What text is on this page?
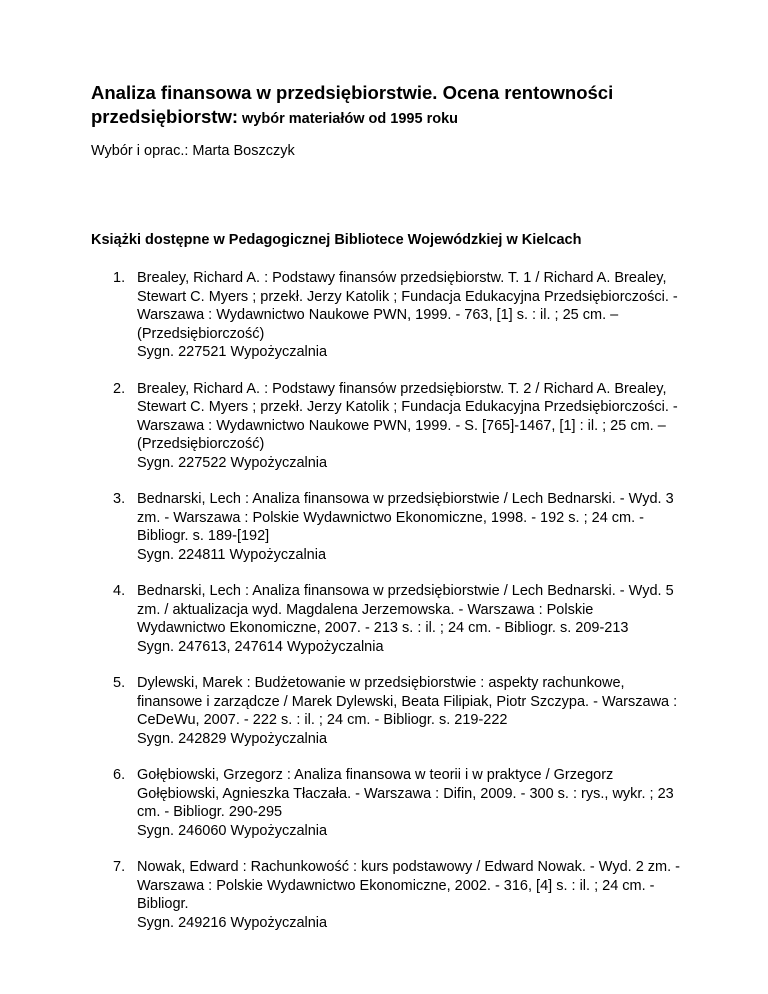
Analiza finansowa w przedsiębiorstwie. Ocena rentowności przedsiębiorstw: wybór materiałów od 1995 roku

Wybór i oprac.: Marta Boszczyk

Książki dostępne w Pedagogicznej Bibliotece Wojewódzkiej w Kielcach
1. Brealey, Richard A. : Podstawy finansów przedsiębiorstw. T. 1 / Richard A. Brealey, Stewart C. Myers ; przekł. Jerzy Katolik ; Fundacja Edukacyjna Przedsiębiorczości. - Warszawa : Wydawnictwo Naukowe PWN, 1999. - 763, [1] s. : il. ; 25 cm. – (Przedsiębiorczość)
Sygn. 227521 Wypożyczalnia
2. Brealey, Richard A. : Podstawy finansów przedsiębiorstw. T. 2 / Richard A. Brealey, Stewart C. Myers ; przekł. Jerzy Katolik ; Fundacja Edukacyjna Przedsiębiorczości. - Warszawa : Wydawnictwo Naukowe PWN, 1999. - S. [765]-1467, [1] : il. ; 25 cm. – (Przedsiębiorczość)
Sygn. 227522 Wypożyczalnia
3. Bednarski, Lech : Analiza finansowa w przedsiębiorstwie / Lech Bednarski. - Wyd. 3 zm. - Warszawa : Polskie Wydawnictwo Ekonomiczne, 1998. - 192 s. ; 24 cm. - Bibliogr. s. 189-[192]
Sygn. 224811 Wypożyczalnia
4. Bednarski, Lech : Analiza finansowa w przedsiębiorstwie / Lech Bednarski. - Wyd. 5 zm. / aktualizacja wyd. Magdalena Jerzemowska. - Warszawa : Polskie Wydawnictwo Ekonomiczne, 2007. - 213 s. : il. ; 24 cm. - Bibliogr. s. 209-213
Sygn. 247613, 247614 Wypożyczalnia
5. Dylewski, Marek : Budżetowanie w przedsiębiorstwie : aspekty rachunkowe, finansowe i zarządcze / Marek Dylewski, Beata Filipiak, Piotr Szczypa. - Warszawa : CeDeWu, 2007. - 222 s. : il. ; 24 cm. - Bibliogr. s. 219-222
Sygn. 242829 Wypożyczalnia
6. Gołębiowski, Grzegorz : Analiza finansowa w teorii i w praktyce / Grzegorz Gołębiowski, Agnieszka Tłaczała. - Warszawa : Difin, 2009. - 300 s. : rys., wykr. ; 23 cm. - Bibliogr. 290-295
Sygn. 246060 Wypożyczalnia
7. Nowak, Edward : Rachunkowość : kurs podstawowy / Edward Nowak. - Wyd. 2 zm. - Warszawa : Polskie Wydawnictwo Ekonomiczne, 2002. - 316, [4] s. : il. ; 24 cm. - Bibliogr.
Sygn. 249216 Wypożyczalnia
